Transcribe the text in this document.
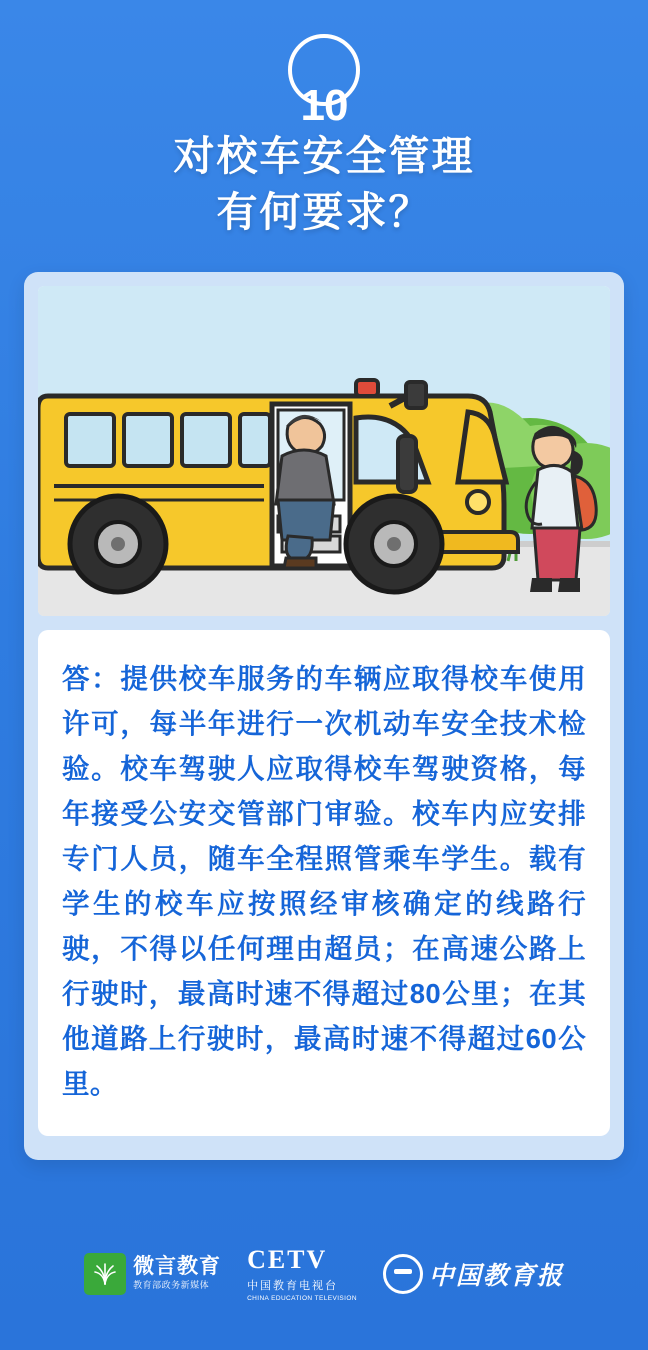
10
对校车安全管理
有何要求？

答：提供校车服务的车辆应取得校车使用许可，每半年进行一次机动车安全技术检验。校车驾驶人应取得校车驾驶资格，每年接受公安交管部门审验。校车内应安排专门人员，随车全程照管乘车学生。载有学生的校车应按照经审核确定的线路行驶，不得以任何理由超员；在高速公路上行驶时，最高时速不得超过80公里；在其他道路上行驶时，最高时速不得超过60公里。

微言教育
教育部政务新媒体
CETV
中国教育电视台
CHINA EDUCATION TELEVISION
中国教育报
